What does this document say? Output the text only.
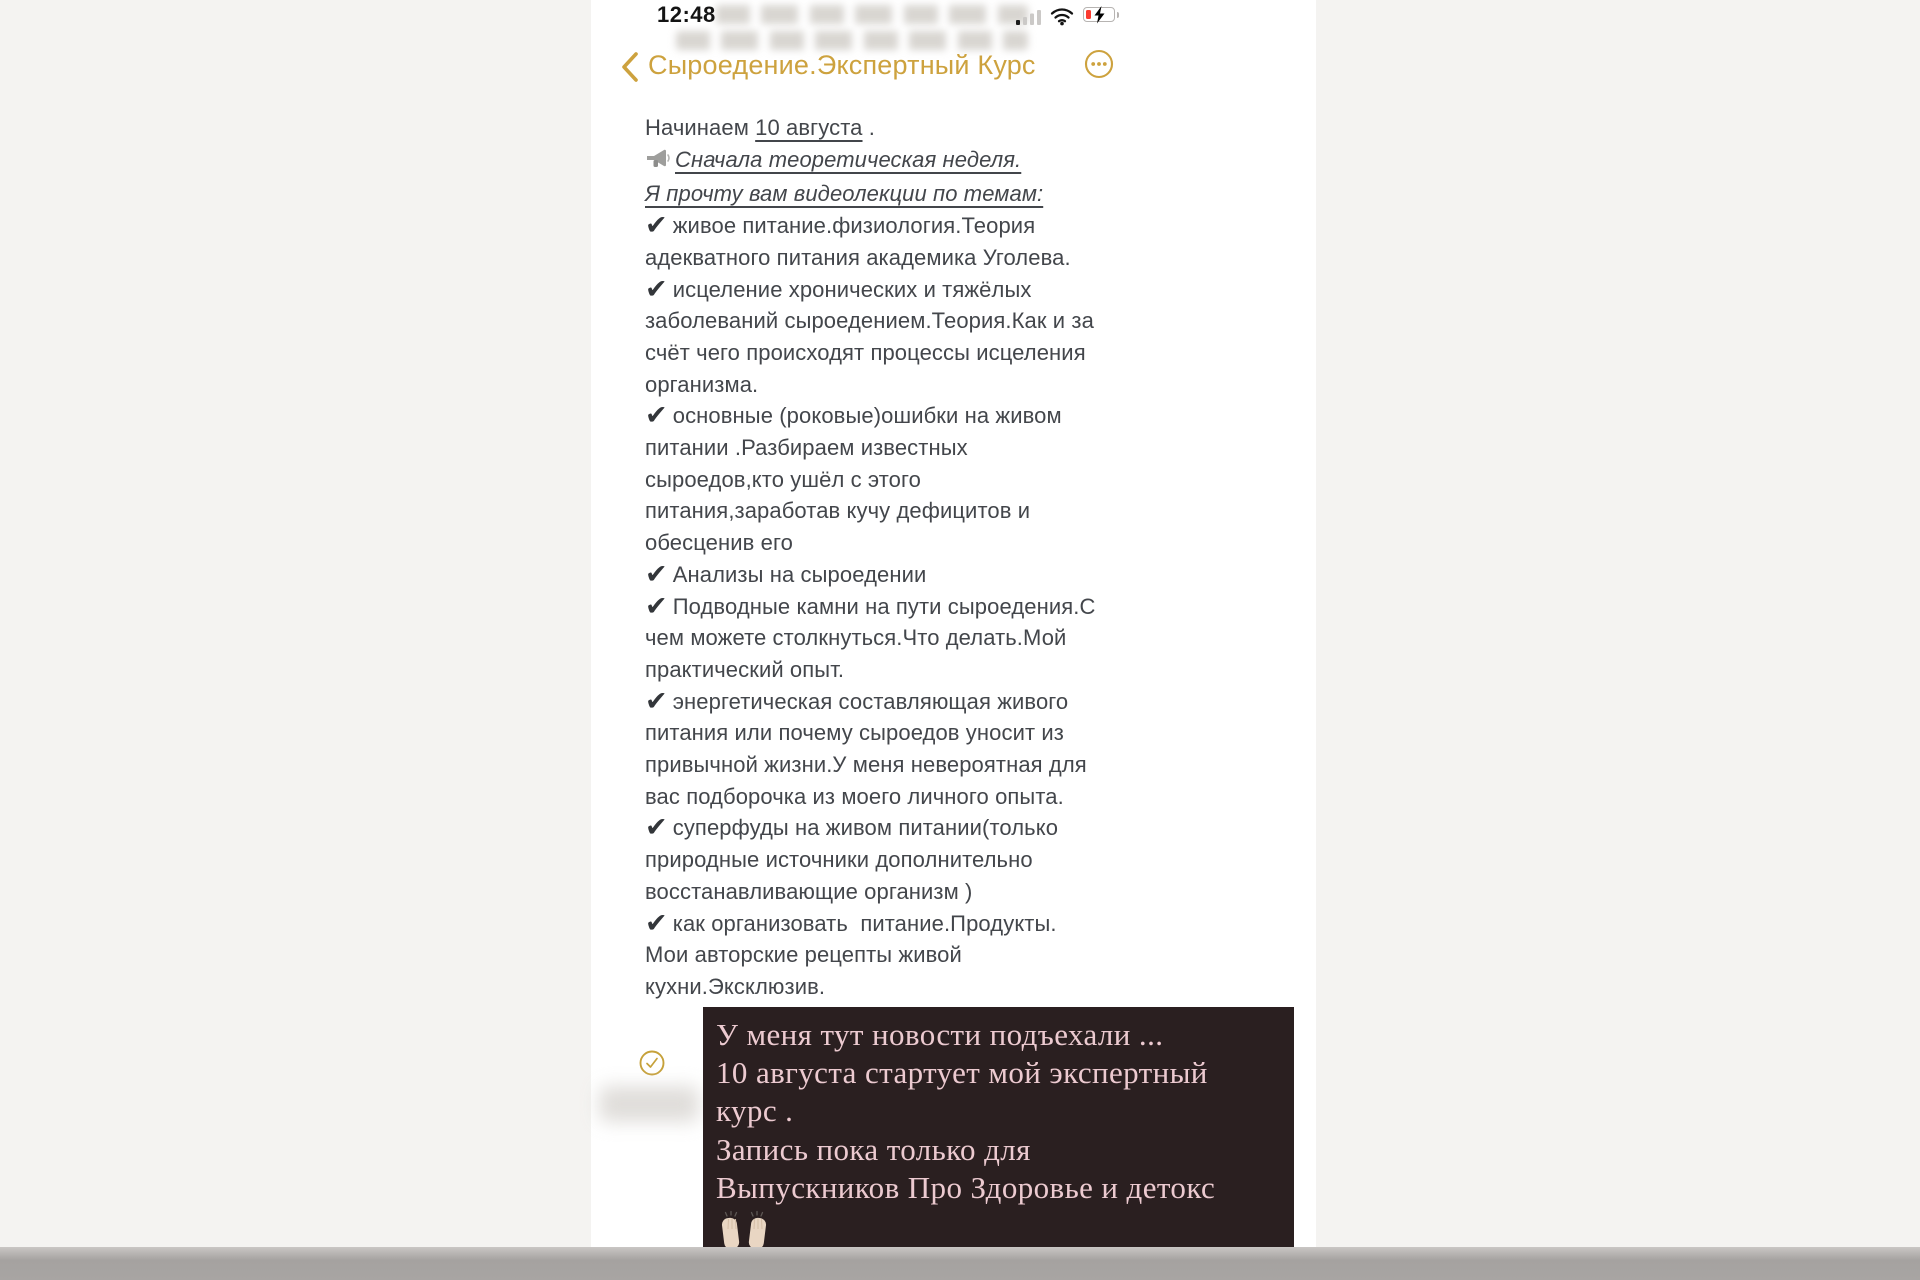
12:48
Сыроедение.Экспертный Курс
Начинаем 10 августа .
Сначала теоретическая неделя.
Я прочту вам видеолекции по темам:
✔ живое питание.физиология.Теория
адекватного питания академика Уголева.
✔ исцеление хронических и тяжёлых
заболеваний сыроедением.Теория.Как и за
счёт чего происходят процессы исцеления
организма.
✔ основные (роковые)ошибки на живом
питании .Разбираем известных
сыроедов,кто ушёл с этого
питания,заработав кучу дефицитов и
обесценив его
✔ Анализы на сыроедении
✔ Подводные камни на пути сыроедения.С
чем можете столкнуться.Что делать.Мой
практический опыт.
✔ энергетическая составляющая живого
питания или почему сыроедов уносит из
привычной жизни.У меня невероятная для
вас подборочка из моего личного опыта.
✔ суперфуды на живом питании(только
природные источники дополнительно
восстанавливающие организм )
✔ как организовать  питание.Продукты.
Мои авторские рецепты живой
кухни.Эксклюзив.
У меня тут новости подъехали ...
10 августа стартует мой экспертный
курс .
Запись пока только для
Выпускников Про Здоровье и детокс
